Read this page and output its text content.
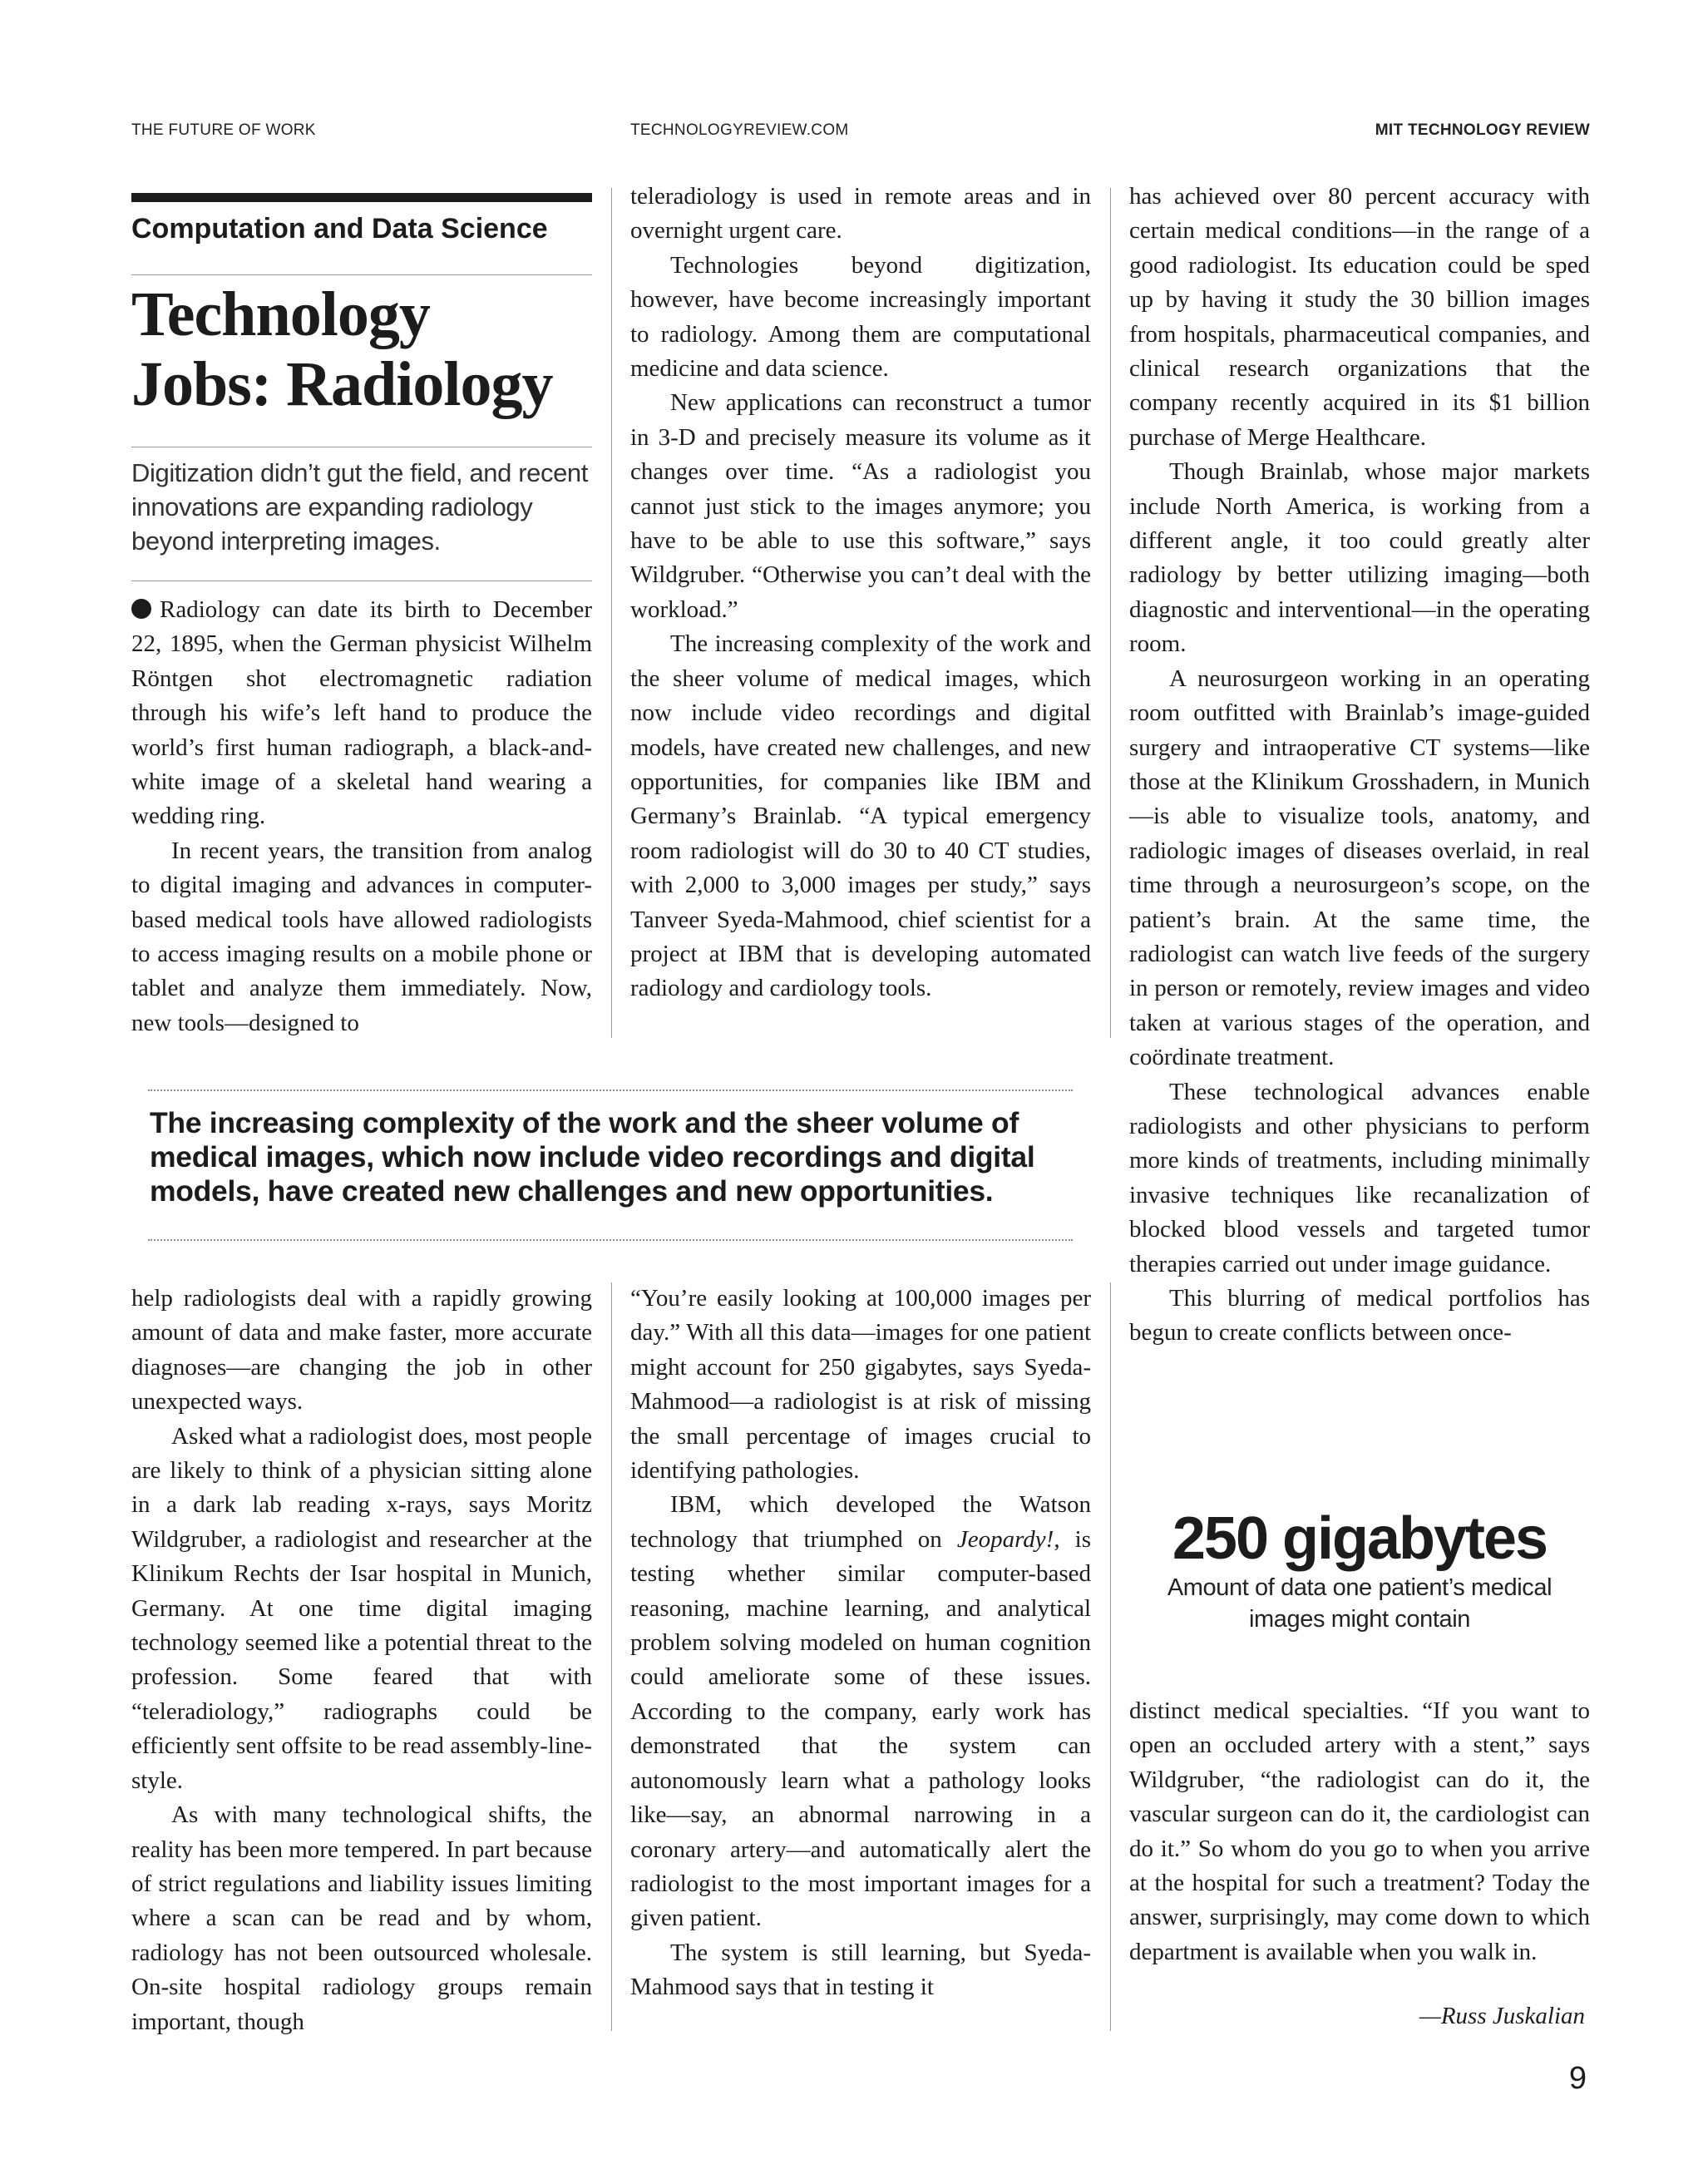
THE FUTURE OF WORK	TECHNOLOGYREVIEW.COM	MIT TECHNOLOGY REVIEW
Computation and Data Science
Technology
Jobs: Radiology
Digitization didn’t gut the field, and recent innovations are expanding radiology beyond interpreting images.

Radiology can date its birth to December 22, 1895, when the German physicist Wilhelm Röntgen shot electromagnetic radiation through his wife’s left hand to produce the world’s first human radiograph, a black-and-white image of a skeletal hand wearing a wedding ring.

In recent years, the transition from analog to digital imaging and advances in computer-based medical tools have allowed radiologists to access imaging results on a mobile phone or tablet and analyze them immediately. Now, new tools—designed to

teleradiology is used in remote areas and in overnight urgent care.

Technologies beyond digitization, however, have become increasingly important to radiology. Among them are computational medicine and data science.

New applications can reconstruct a tumor in 3-D and precisely measure its volume as it changes over time. “As a radiologist you cannot just stick to the images anymore; you have to be able to use this software,” says Wildgruber. “Otherwise you can’t deal with the workload.”

The increasing complexity of the work and the sheer volume of medical images, which now include video recordings and digital models, have created new challenges, and new opportunities, for companies like IBM and Germany’s Brainlab. “A typical emergency room radiologist will do 30 to 40 CT studies, with 2,000 to 3,000 images per study,” says Tanveer Syeda-Mahmood, chief scientist for a project at IBM that is developing automated radiology and cardiology tools.

The increasing complexity of the work and the sheer volume of medical images, which now include video recordings and digital models, have created new challenges and new opportunities.

help radiologists deal with a rapidly growing amount of data and make faster, more accurate diagnoses—are changing the job in other unexpected ways.

Asked what a radiologist does, most people are likely to think of a physician sitting alone in a dark lab reading x-rays, says Moritz Wildgruber, a radiologist and researcher at the Klinikum Rechts der Isar hospital in Munich, Germany. At one time digital imaging technology seemed like a potential threat to the profession. Some feared that with “teleradiology,” radiographs could be efficiently sent offsite to be read assembly-line-style.

As with many technological shifts, the reality has been more tempered. In part because of strict regulations and liability issues limiting where a scan can be read and by whom, radiology has not been outsourced wholesale. On-site hospital radiology groups remain important, though

“You’re easily looking at 100,000 images per day.” With all this data—images for one patient might account for 250 gigabytes, says Syeda-Mahmood—a radiologist is at risk of missing the small percentage of images crucial to identifying pathologies.

IBM, which developed the Watson technology that triumphed on Jeopardy!, is testing whether similar computer-based reasoning, machine learning, and analytical problem solving modeled on human cognition could ameliorate some of these issues. According to the company, early work has demonstrated that the system can autonomously learn what a pathology looks like—say, an abnormal narrowing in a coronary artery—and automatically alert the radiologist to the most important images for a given patient.

The system is still learning, but Syeda-Mahmood says that in testing it

has achieved over 80 percent accuracy with certain medical conditions—in the range of a good radiologist. Its education could be sped up by having it study the 30 billion images from hospitals, pharmaceutical companies, and clinical research organizations that the company recently acquired in its $1 billion purchase of Merge Healthcare.

Though Brainlab, whose major markets include North America, is working from a different angle, it too could greatly alter radiology by better utilizing imaging—both diagnostic and interventional—in the operating room.

A neurosurgeon working in an operating room outfitted with Brainlab’s image-guided surgery and intraoperative CT systems—like those at the Klinikum Grosshadern, in Munich—is able to visualize tools, anatomy, and radiologic images of diseases overlaid, in real time through a neurosurgeon’s scope, on the patient’s brain. At the same time, the radiologist can watch live feeds of the surgery in person or remotely, review images and video taken at various stages of the operation, and coördinate treatment.

These technological advances enable radiologists and other physicians to perform more kinds of treatments, including minimally invasive techniques like recanalization of blocked blood vessels and targeted tumor therapies carried out under image guidance.

This blurring of medical portfolios has begun to create conflicts between once-

250 gigabytes
Amount of data one patient’s medical
images might contain

distinct medical specialties. “If you want to open an occluded artery with a stent,” says Wildgruber, “the radiologist can do it, the vascular surgeon can do it, the cardiologist can do it.” So whom do you go to when you arrive at the hospital for such a treatment? Today the answer, surprisingly, may come down to which department is available when you walk in.

—Russ Juskalian
9
